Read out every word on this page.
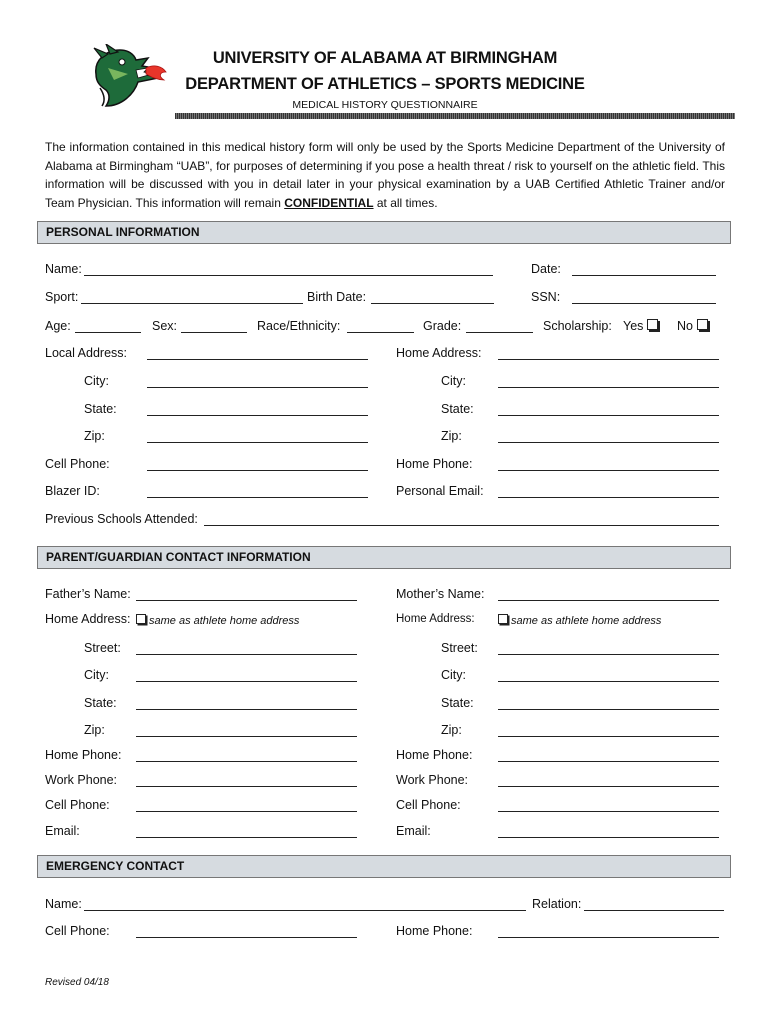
UNIVERSITY OF ALABAMA AT BIRMINGHAM
DEPARTMENT OF ATHLETICS – SPORTS MEDICINE
MEDICAL HISTORY QUESTIONNAIRE
The information contained in this medical history form will only be used by the Sports Medicine Department of the University of Alabama at Birmingham “UAB”, for purposes of determining if you pose a health threat / risk to yourself on the athletic field. This information will be discussed with you in detail later in your physical examination by a UAB Certified Athletic Trainer and/or Team Physician. This information will remain CONFIDENTIAL at all times.
PERSONAL INFORMATION
Name:	Date:
Sport:	Birth Date:	SSN:
Age:	Sex:	Race/Ethnicity:	Grade:	Scholarship: Yes	No
Local Address:	Home Address:
City:	City:
State:	State:
Zip:	Zip:
Cell Phone:	Home Phone:
Blazer ID:	Personal Email:
Previous Schools Attended:
PARENT/GUARDIAN CONTACT INFORMATION
Father’s Name:	Mother’s Name:
Home Address:	same as athlete home address	Home Address:	same as athlete home address
Street:	Street:
City:	City:
State:	State:
Zip:	Zip:
Home Phone:	Home Phone:
Work Phone:	Work Phone:
Cell Phone:	Cell Phone:
Email:	Email:
EMERGENCY CONTACT
Name:	Relation:
Cell Phone:	Home Phone:
Revised 04/18
